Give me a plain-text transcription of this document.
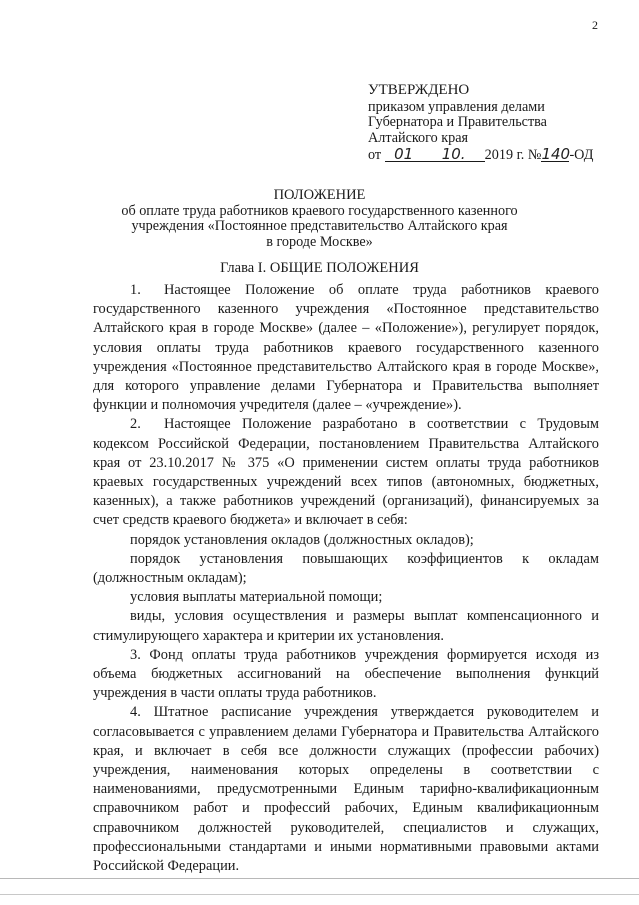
2
УТВЕРЖДЕНО
приказом управления делами
Губернатора и Правительства
Алтайского края
от 01 10. 2019 г. №140-ОД
ПОЛОЖЕНИЕ
об оплате труда работников краевого государственного казенного
учреждения «Постоянное представительство Алтайского края
в городе Москве»
Глава I. ОБЩИЕ ПОЛОЖЕНИЯ

1. Настоящее Положение об оплате труда работников краевого государственного казенного учреждения «Постоянное представительство Алтайского края в городе Москве» (далее – «Положение»), регулирует порядок, условия оплаты труда работников краевого государственного казенного учреждения «Постоянное представительство Алтайского края в городе Москве», для которого управление делами Губернатора и Правительства выполняет функции и полномочия учредителя (далее – «учреждение»).

2. Настоящее Положение разработано в соответствии с Трудовым кодексом Российской Федерации, постановлением Правительства Алтайского края от 23.10.2017 № 375 «О применении систем оплаты труда работников краевых государственных учреждений всех типов (автономных, бюджетных, казенных), а также работников учреждений (организаций), финансируемых за счет средств краевого бюджета» и включает в себя:

порядок установления окладов (должностных окладов);

порядок установления повышающих коэффициентов к окладам (должностным окладам);

условия выплаты материальной помощи;

виды, условия осуществления и размеры выплат компенсационного и стимулирующего характера и критерии их установления.

3. Фонд оплаты труда работников учреждения формируется исходя из объема бюджетных ассигнований на обеспечение выполнения функций учреждения в части оплаты труда работников.

4. Штатное расписание учреждения утверждается руководителем и согласовывается с управлением делами Губернатора и Правительства Алтайского края, и включает в себя все должности служащих (профессии рабочих) учреждения, наименования которых определены в соответствии с наименованиями, предусмотренными Единым тарифно-квалификационным справочником работ и профессий рабочих, Единым квалификационным справочником должностей руководителей, специалистов и служащих, профессиональными стандартами и иными нормативными правовыми актами Российской Федерации.
